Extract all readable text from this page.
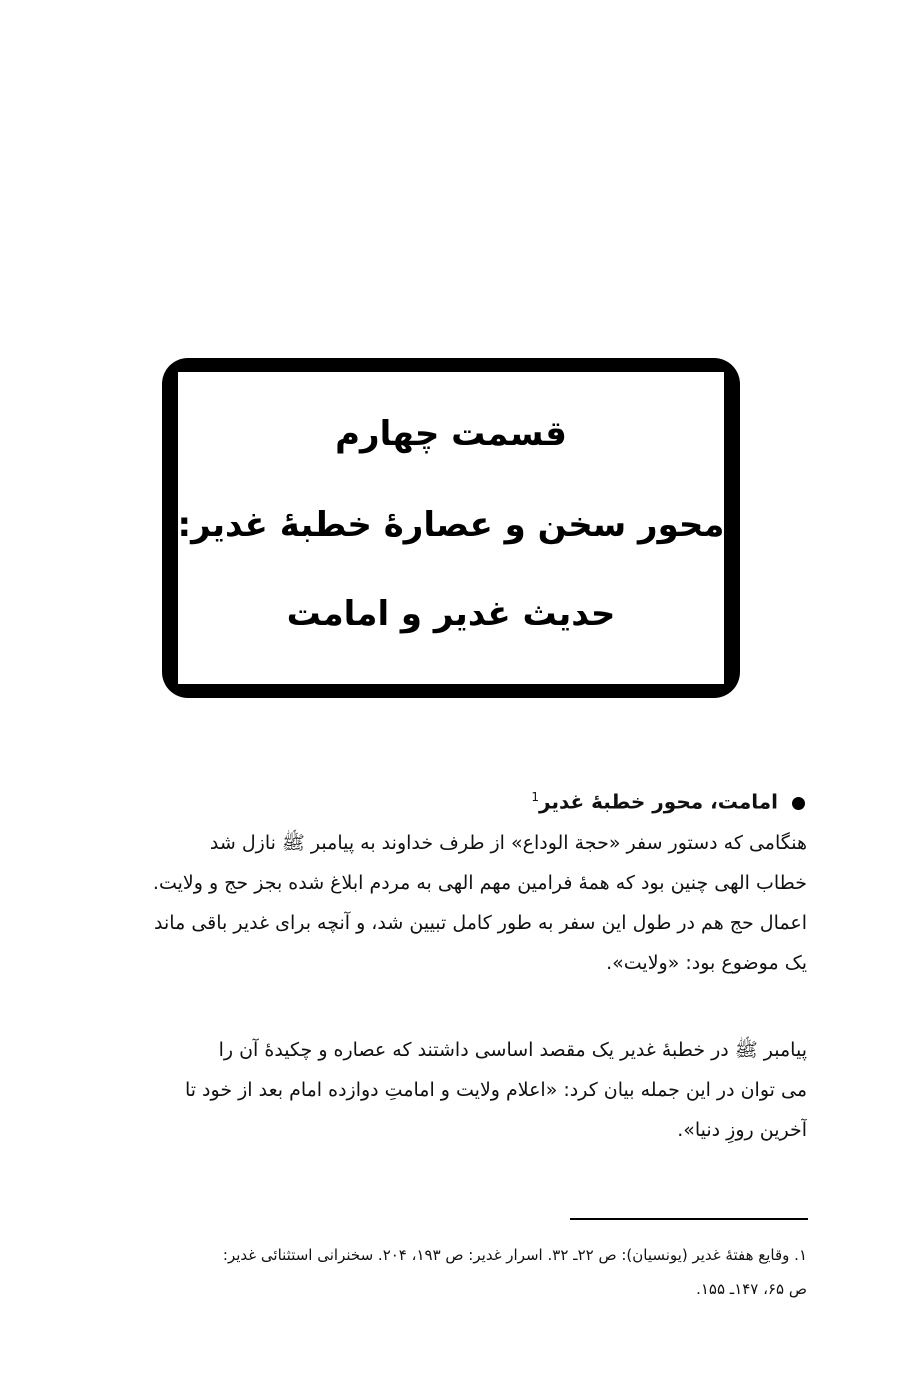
قسمت چهارم
محور سخن و عصارهٔ خطبهٔ غدیر:
حدیث غدیر و امامت
امامت، محور خطبهٔ غدیر$^1$
هنگامی که دستور سفر «حجة الوداع» از طرف خداوند به پیامبر ﷺ نازل شد
خطاب الهی چنین بود که همهٔ فرامین مهم الهی به مردم ابلاغ شده بجز حج و ولایت.
اعمال حج هم در طول این سفر به طور کامل تبیین شد، و آنچه برای غدیر باقی ماند
یک موضوع بود: «ولایت».
پیامبر ﷺ در خطبهٔ غدیر یک مقصد اساسی داشتند که عصاره و چکیدهٔ آن را
می توان در این جمله بیان کرد: «اعلام ولایت و امامتِ دوازده امام بعد از خود تا
آخرین روزِ دنیا».
۱. وقایع هفتهٔ غدیر (یونسیان): ص ۲۲ـ ۳۲. اسرار غدیر: ص ۱۹۳، ۲۰۴. سخنرانی استثنائی غدیر:
ص ۶۵، ۱۴۷ـ ۱۵۵.
